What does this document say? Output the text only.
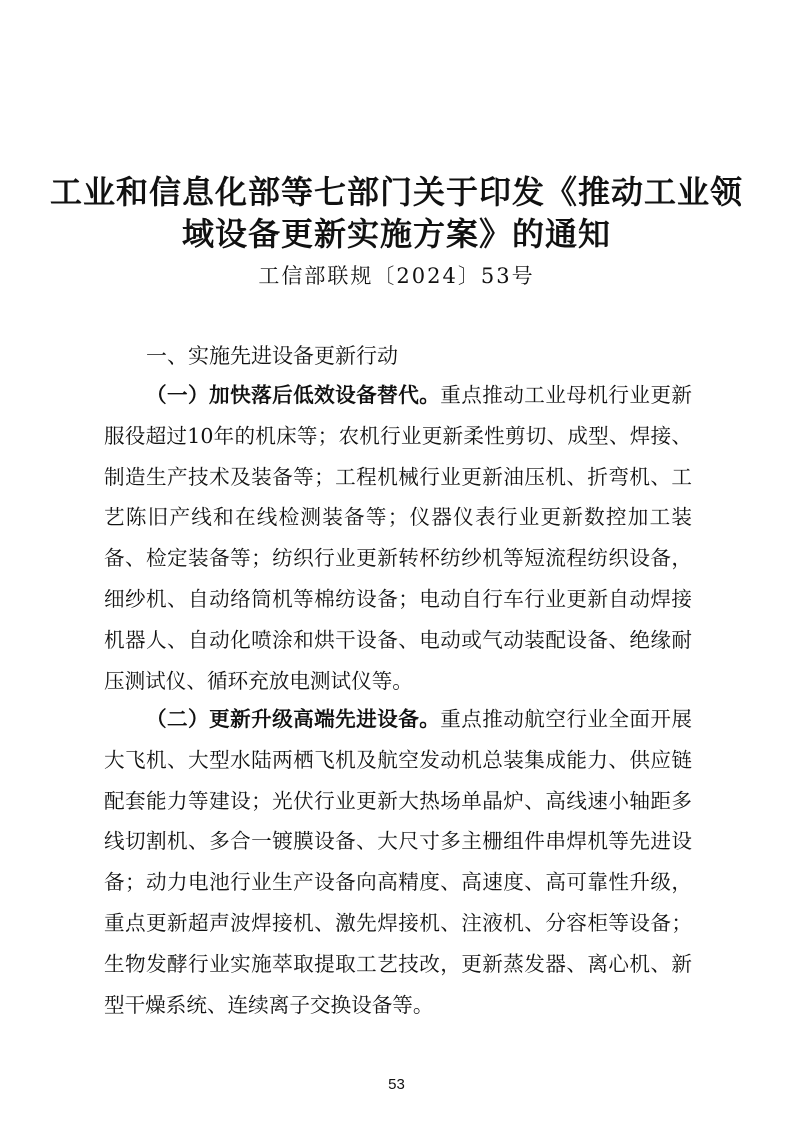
工业和信息化部等七部门关于印发《推动工业领
域设备更新实施方案》的通知
工信部联规〔2024〕53号
一、实施先进设备更新行动

（一）加快落后低效设备替代。重点推动工业母机行业更新服役超过10年的机床等；农机行业更新柔性剪切、成型、焊接、制造生产技术及装备等；工程机械行业更新油压机、折弯机、工艺陈旧产线和在线检测装备等；仪器仪表行业更新数控加工装备、检定装备等；纺织行业更新转杯纺纱机等短流程纺织设备，细纱机、自动络筒机等棉纺设备；电动自行车行业更新自动焊接机器人、自动化喷涂和烘干设备、电动或气动装配设备、绝缘耐压测试仪、循环充放电测试仪等。

（二）更新升级高端先进设备。重点推动航空行业全面开展大飞机、大型水陆两栖飞机及航空发动机总装集成能力、供应链配套能力等建设；光伏行业更新大热场单晶炉、高线速小轴距多线切割机、多合一镀膜设备、大尺寸多主栅组件串焊机等先进设备；动力电池行业生产设备向高精度、高速度、高可靠性升级，重点更新超声波焊接机、激先焊接机、注液机、分容柜等设备；生物发酵行业实施萃取提取工艺技改，更新蒸发器、离心机、新型干燥系统、连续离子交换设备等。

53
